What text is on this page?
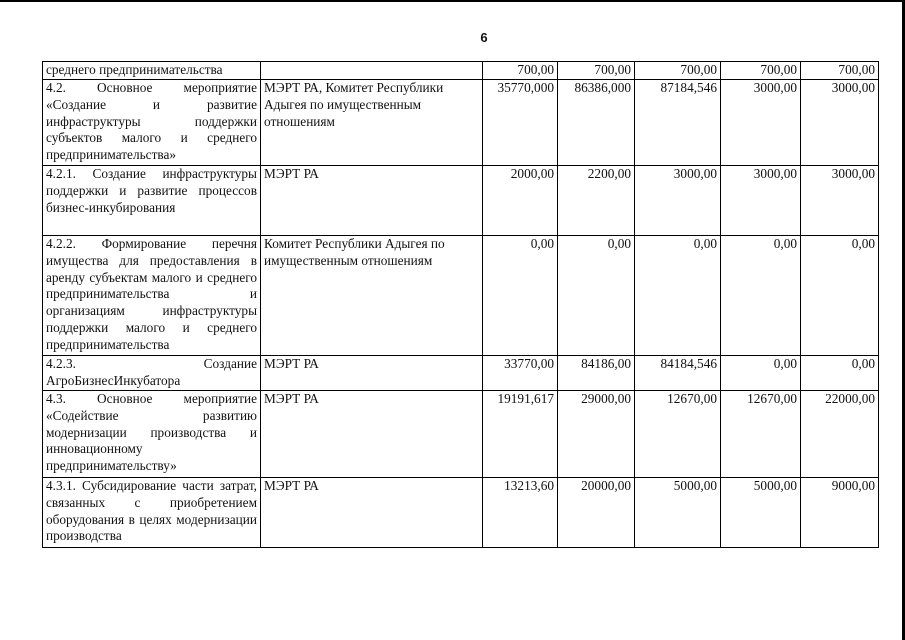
6
среднего предпринимательства		700,00	700,00	700,00	700,00	700,00
4.2. Основное мероприятие «Создание и развитие инфраструктуры поддержки субъектов малого и среднего предпринимательства»	МЭРТ РА, Комитет Республики Адыгея по имущественным отношениям	35770,000	86386,000	87184,546	3000,00	3000,00
4.2.1. Создание инфраструктуры поддержки и развитие процессов бизнес-инкубирования	МЭРТ РА	2000,00	2200,00	3000,00	3000,00	3000,00
4.2.2. Формирование перечня имущества для предоставления в аренду субъектам малого и среднего предпринимательства и организациям инфраструктуры поддержки малого и среднего предпринимательства	Комитет Республики Адыгея по имущественным отношениям	0,00	0,00	0,00	0,00	0,00
4.2.3. Создание АгроБизнесИнкубатора	МЭРТ РА	33770,00	84186,00	84184,546	0,00	0,00
4.3. Основное мероприятие «Содействие развитию модернизации производства и инновационному предпринимательству»	МЭРТ РА	19191,617	29000,00	12670,00	12670,00	22000,00
4.3.1. Субсидирование части затрат, связанных с приобретением оборудования в целях модернизации производства	МЭРТ РА	13213,60	20000,00	5000,00	5000,00	9000,00
